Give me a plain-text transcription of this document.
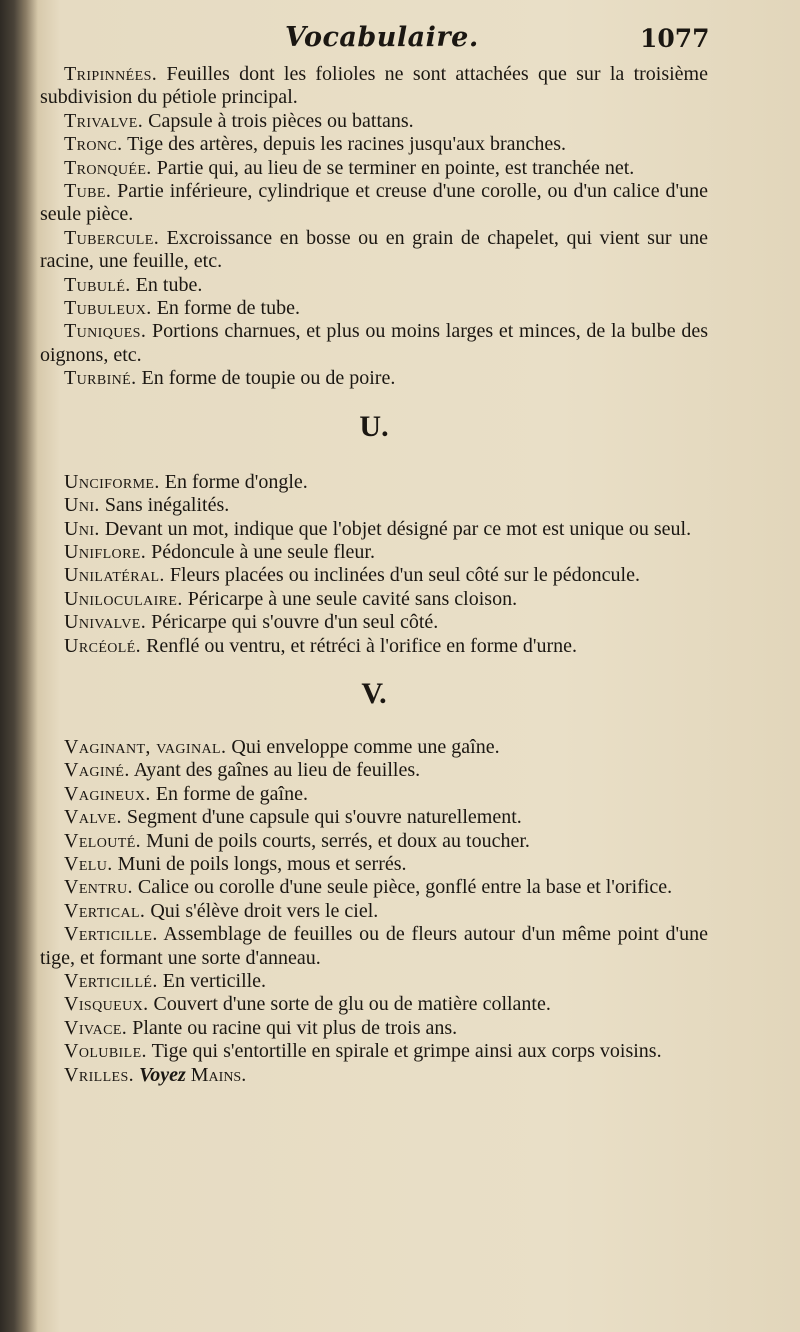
Vocabulaire.	1077

Tripinnées. Feuilles dont les folioles ne sont attachées que sur la troisième subdivision du pétiole principal.

Trivalve. Capsule à trois pièces ou battans.

Tronc. Tige des artères, depuis les racines jusqu'aux branches.

Tronquée. Partie qui, au lieu de se terminer en pointe, est tranchée net.

Tube. Partie inférieure, cylindrique et creuse d'une corolle, ou d'un calice d'une seule pièce.

Tubercule. Excroissance en bosse ou en grain de chapelet, qui vient sur une racine, une feuille, etc.

Tubulé. En tube.

Tubuleux. En forme de tube.

Tuniques. Portions charnues, et plus ou moins larges et minces, de la bulbe des oignons, etc.

Turbiné. En forme de toupie ou de poire.

U.

Unciforme. En forme d'ongle.

Uni. Sans inégalités.

Uni. Devant un mot, indique que l'objet désigné par ce mot est unique ou seul.

Uniflore. Pédoncule à une seule fleur.

Unilatéral. Fleurs placées ou inclinées d'un seul côté sur le pédoncule.

Uniloculaire. Péricarpe à une seule cavité sans cloison.

Univalve. Péricarpe qui s'ouvre d'un seul côté.

Urcéolé. Renflé ou ventru, et rétréci à l'orifice en forme d'urne.

V.

Vaginant, vaginal. Qui enveloppe comme une gaîne.

Vaginé. Ayant des gaînes au lieu de feuilles.

Vagineux. En forme de gaîne.

Valve. Segment d'une capsule qui s'ouvre naturellement.

Velouté. Muni de poils courts, serrés, et doux au toucher.

Velu. Muni de poils longs, mous et serrés.

Ventru. Calice ou corolle d'une seule pièce, gonflé entre la base et l'orifice.

Vertical. Qui s'élève droit vers le ciel.

Verticille. Assemblage de feuilles ou de fleurs autour d'un même point d'une tige, et formant une sorte d'anneau.

Verticillé. En verticille.

Visqueux. Couvert d'une sorte de glu ou de matière collante.

Vivace. Plante ou racine qui vit plus de trois ans.

Volubile. Tige qui s'entortille en spirale et grimpe ainsi aux corps voisins.

Vrilles. Voyez Mains.
